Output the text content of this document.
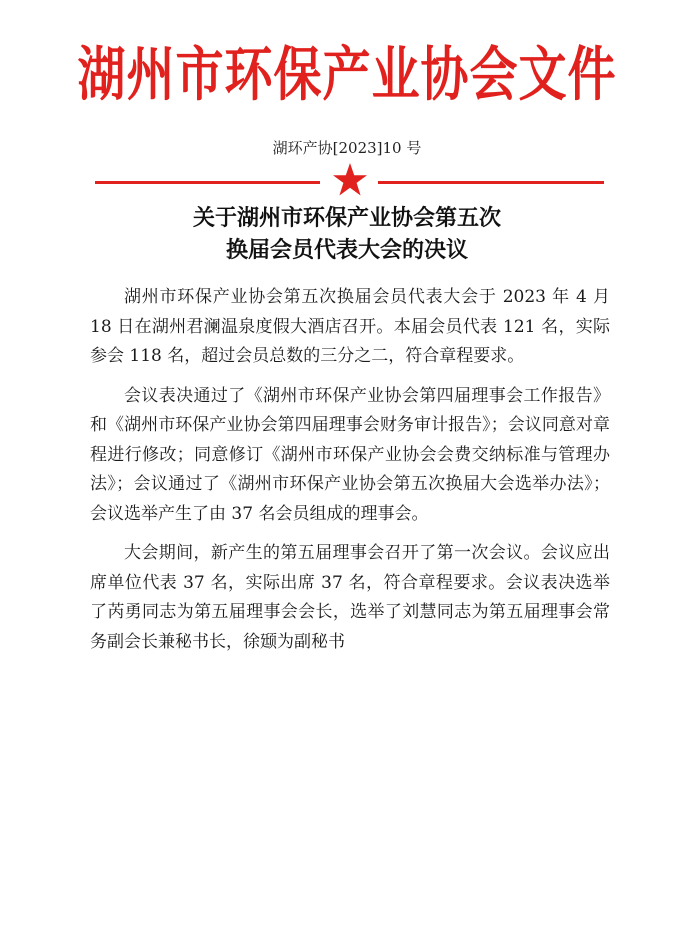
湖州市环保产业协会文件
湖环产协[2023]10 号
关于湖州市环保产业协会第五次
换届会员代表大会的决议

湖州市环保产业协会第五次换届会员代表大会于 2023 年 4 月 18 日在湖州君澜温泉度假大酒店召开。本届会员代表 121 名，实际参会 118 名，超过会员总数的三分之二，符合章程要求。

会议表决通过了《湖州市环保产业协会第四届理事会工作报告》和《湖州市环保产业协会第四届理事会财务审计报告》；会议同意对章程进行修改；同意修订《湖州市环保产业协会会费交纳标准与管理办法》；会议通过了《湖州市环保产业协会第五次换届大会选举办法》；会议选举产生了由 37 名会员组成的理事会。

大会期间，新产生的第五届理事会召开了第一次会议。会议应出席单位代表 37 名，实际出席 37 名，符合章程要求。会议表决选举了芮勇同志为第五届理事会会长，选举了刘慧同志为第五届理事会常务副会长兼秘书长，徐颋为副秘书
